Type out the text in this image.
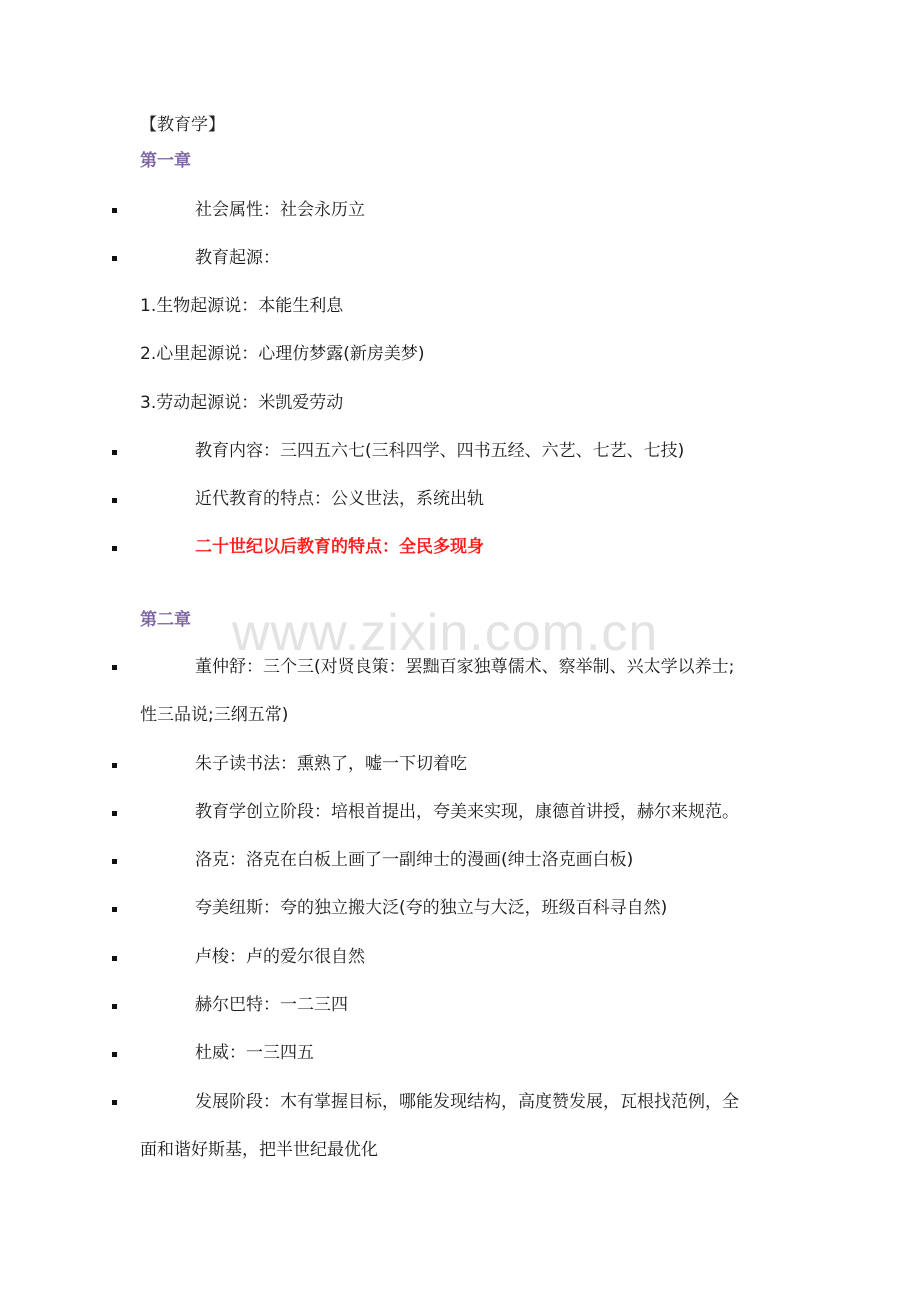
www.zixin.com.cn
【教育学】
第一章
社会属性：社会永历立
教育起源：
1.生物起源说：本能生利息
2.心里起源说：心理仿梦露(新房美梦)
3.劳动起源说：米凯爱劳动
教育内容：三四五六七(三科四学、四书五经、六艺、七艺、七技)
近代教育的特点：公义世法，系统出轨
二十世纪以后教育的特点：全民多现身
第二章
董仲舒：三个三(对贤良策：罢黜百家独尊儒术、察举制、兴太学以养士;
性三品说;三纲五常)
朱子读书法：熏熟了，嘘一下切着吃
教育学创立阶段：培根首提出，夸美来实现，康德首讲授，赫尔来规范。
洛克：洛克在白板上画了一副绅士的漫画(绅士洛克画白板)
夸美纽斯：夸的独立搬大泛(夸的独立与大泛，班级百科寻自然)
卢梭：卢的爱尔很自然
赫尔巴特：一二三四
杜威：一三四五
发展阶段：木有掌握目标，哪能发现结构，高度赞发展，瓦根找范例，全
面和谐好斯基，把半世纪最优化
